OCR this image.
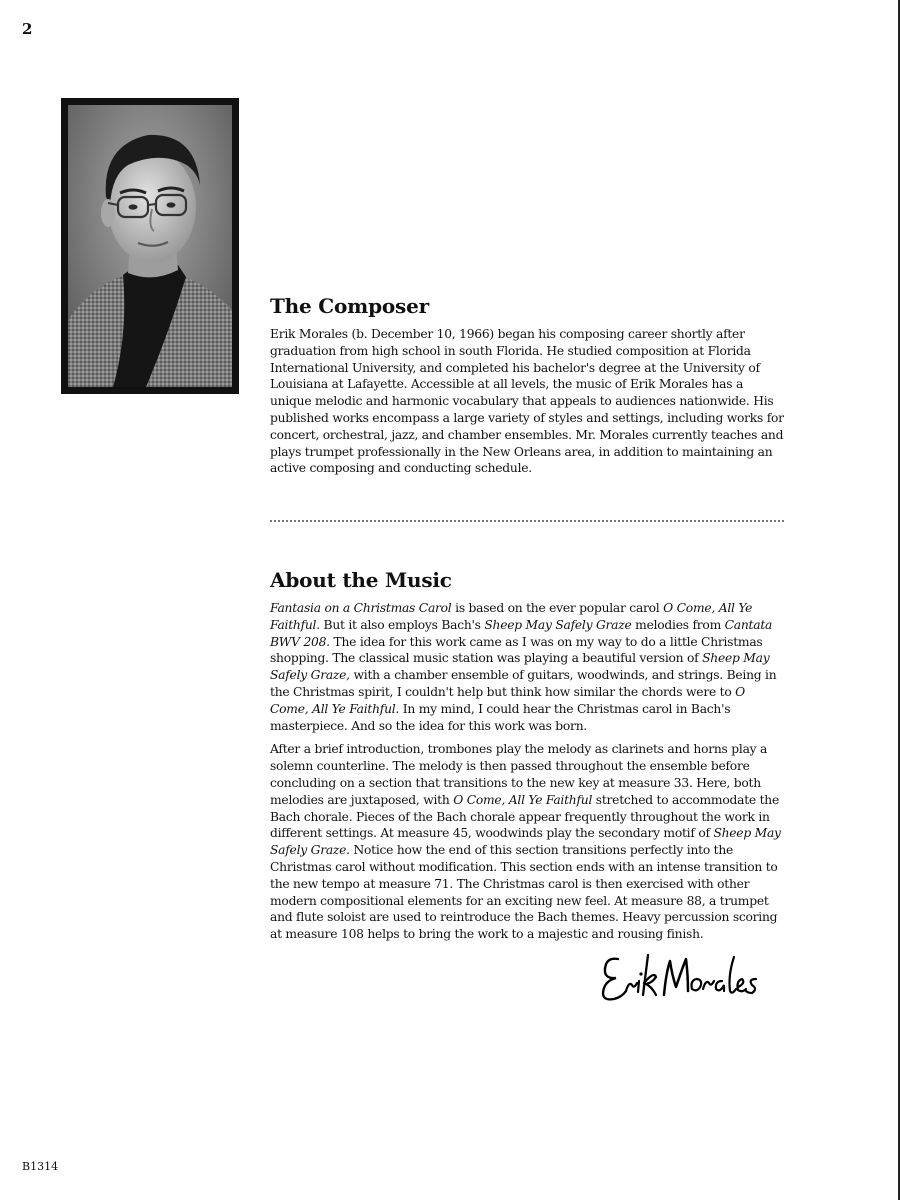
2
The Composer

Erik Morales (b. December 10, 1966) began his composing career shortly after graduation from high school in south Florida. He studied composition at Florida International University, and completed his bachelor's degree at the University of Louisiana at Lafayette. Accessible at all levels, the music of Erik Morales has a unique melodic and harmonic vocabulary that appeals to audiences nationwide. His published works encompass a large variety of styles and settings, including works for concert, orchestral, jazz, and chamber ensembles. Mr. Morales currently teaches and plays trumpet professionally in the New Orleans area, in addition to maintaining an active composing and conducting schedule.

About the Music

Fantasia on a Christmas Carol is based on the ever popular carol O Come, All Ye Faithful. But it also employs Bach's Sheep May Safely Graze melodies from Cantata BWV 208. The idea for this work came as I was on my way to do a little Christmas shopping. The classical music station was playing a beautiful version of Sheep May Safely Graze, with a chamber ensemble of guitars, woodwinds, and strings. Being in the Christmas spirit, I couldn't help but think how similar the chords were to O Come, All Ye Faithful. In my mind, I could hear the Christmas carol in Bach's masterpiece. And so the idea for this work was born.

After a brief introduction, trombones play the melody as clarinets and horns play a solemn counterline. The melody is then passed throughout the ensemble before concluding on a section that transitions to the new key at measure 33. Here, both melodies are juxtaposed, with O Come, All Ye Faithful stretched to accommodate the Bach chorale. Pieces of the Bach chorale appear frequently throughout the work in different settings. At measure 45, woodwinds play the secondary motif of Sheep May Safely Graze. Notice how the end of this section transitions perfectly into the Christmas carol without modification. This section ends with an intense transition to the new tempo at measure 71. The Christmas carol is then exercised with other modern compositional elements for an exciting new feel. At measure 88, a trumpet and flute soloist are used to reintroduce the Bach themes. Heavy percussion scoring at measure 108 helps to bring the work to a majestic and rousing finish.

B1314
